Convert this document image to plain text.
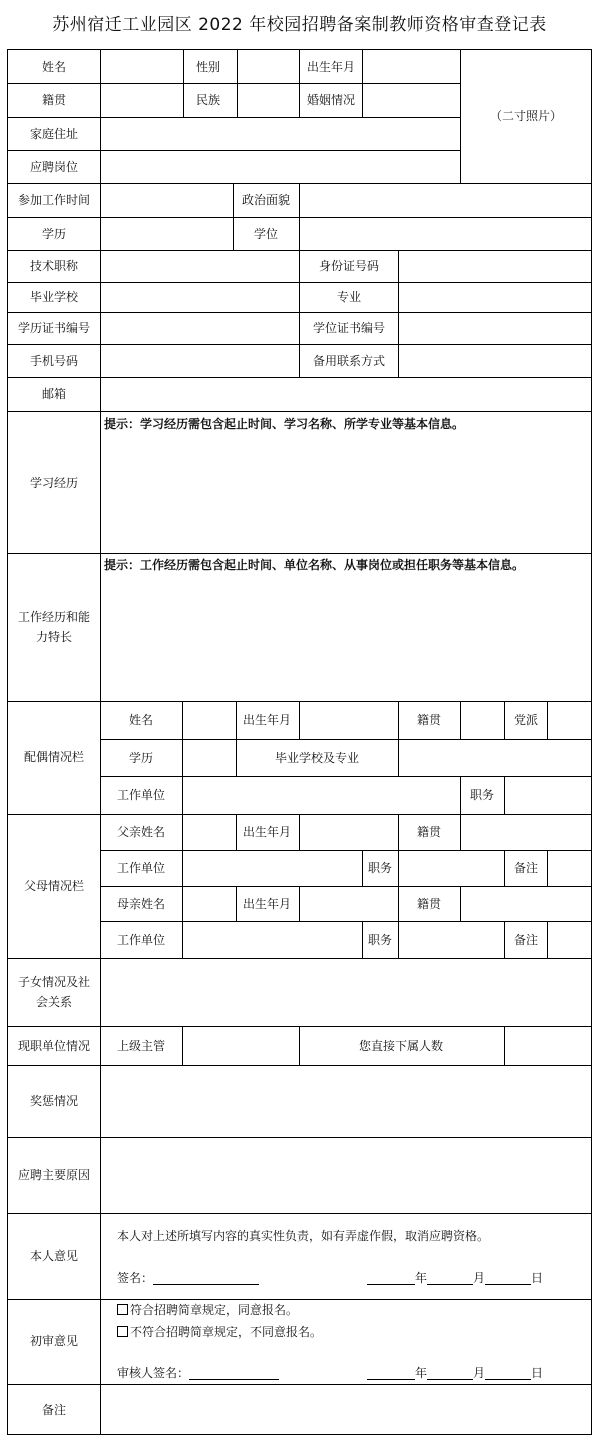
苏州宿迁工业园区 2022 年校园招聘备案制教师资格审查登记表
姓名	性别	出生年月
籍贯	民族	婚姻情况
（二寸照片）
家庭住址
应聘岗位
参加工作时间	政治面貌
学历	学位
技术职称	身份证号码
毕业学校	专业
学历证书编号	学位证书编号
手机号码	备用联系方式
邮箱
学习经历
提示：学习经历需包含起止时间、学习名称、所学专业等基本信息。
工作经历和能力特长
提示：工作经历需包含起止时间、单位名称、从事岗位或担任职务等基本信息。
配偶情况栏
姓名	出生年月	籍贯	党派
学历	毕业学校及专业
工作单位	职务
父母情况栏
父亲姓名	出生年月	籍贯
工作单位	职务	备注
母亲姓名	出生年月	籍贯
工作单位	职务	备注
子女情况及社会关系
现职单位情况 上级主管	您直接下属人数
奖惩情况
应聘主要原因
本人意见
本人对上述所填写内容的真实性负责，如有弄虚作假，取消应聘资格。
签名：	年	月	日
初审意见
符合招聘简章规定，同意报名。
不符合招聘简章规定，不同意报名。
审核人签名：	年	月	日
备注
